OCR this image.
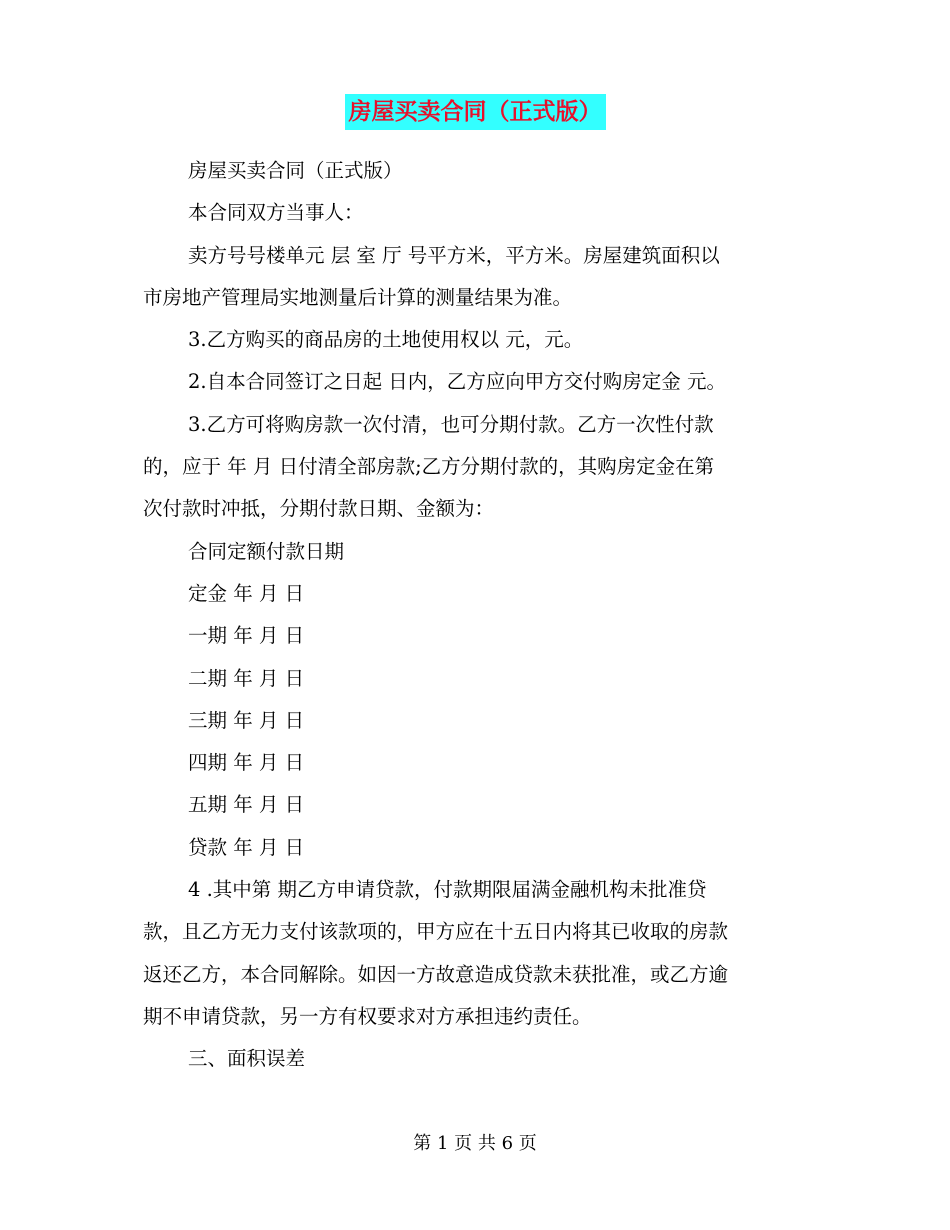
房屋买卖合同（正式版）
房屋买卖合同（正式版）
本合同双方当事人：
卖方号号楼单元 层 室 厅 号平方米，平方米。房屋建筑面积以
市房地产管理局实地测量后计算的测量结果为准。
3.乙方购买的商品房的土地使用权以 元，元。
2.自本合同签订之日起 日内，乙方应向甲方交付购房定金 元。
3.乙方可将购房款一次付清，也可分期付款。乙方一次性付款
的，应于 年 月 日付清全部房款;乙方分期付款的，其购房定金在第
次付款时冲抵，分期付款日期、金额为：
合同定额付款日期
定金 年 月 日
一期 年 月 日
二期 年 月 日
三期 年 月 日
四期 年 月 日
五期 年 月 日
贷款 年 月 日
4 .其中第 期乙方申请贷款，付款期限届满金融机构未批准贷
款，且乙方无力支付该款项的，甲方应在十五日内将其已收取的房款
返还乙方，本合同解除。如因一方故意造成贷款未获批准，或乙方逾
期不申请贷款，另一方有权要求对方承担违约责任。
三、面积误差
第 1 页 共 6 页
